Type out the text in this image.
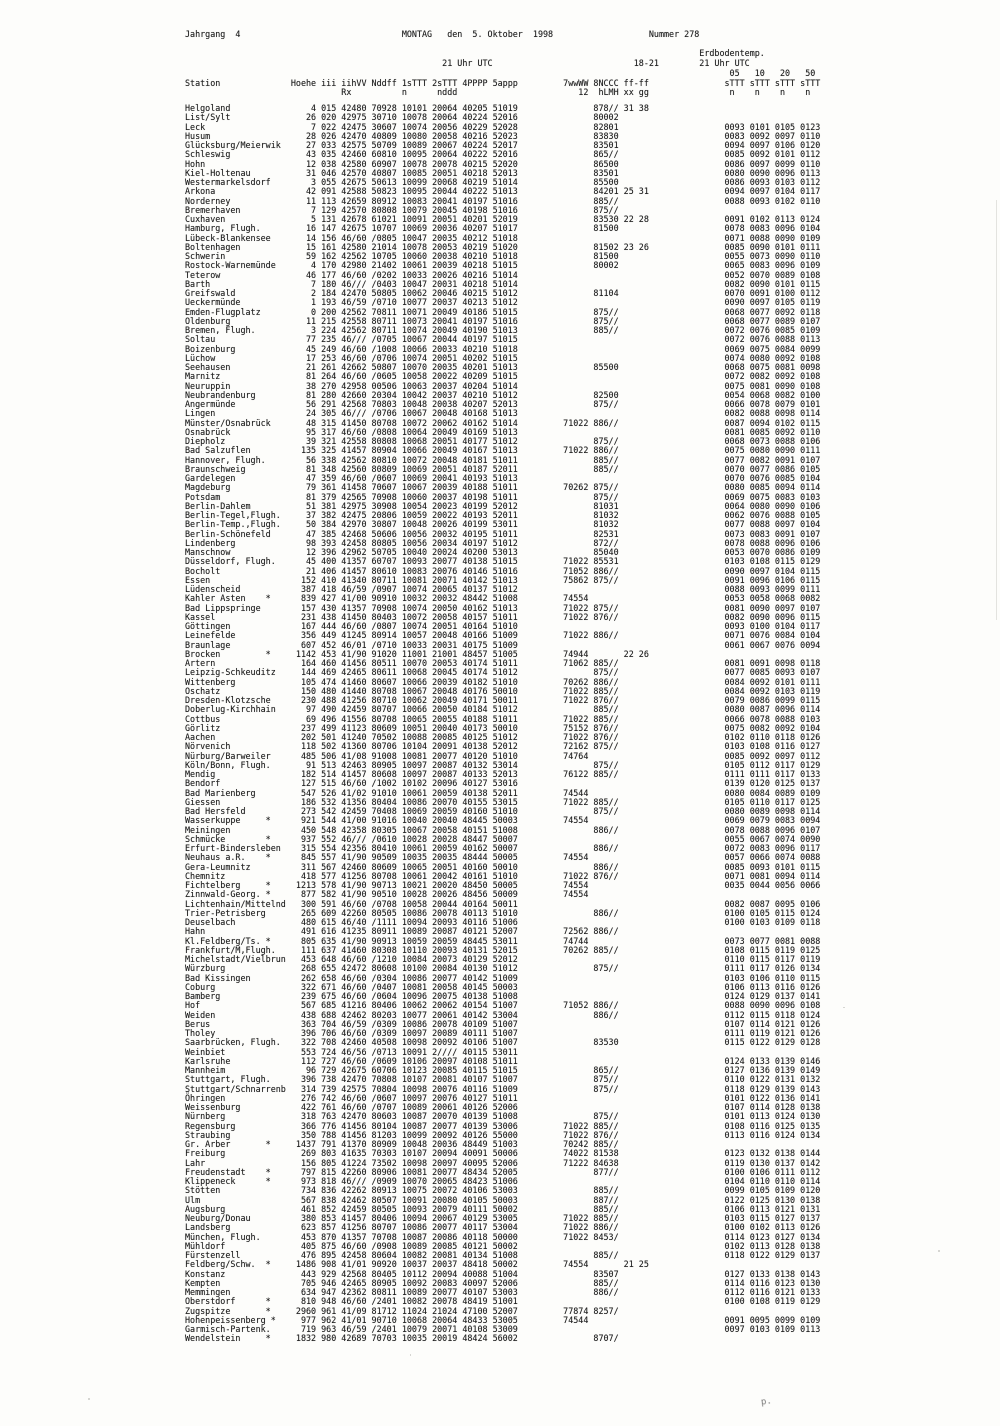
Jahrgang  4                                MONTAG   den  5. Oktober  1998                   Nummer 278

Erdbodentemp.
21 Uhr UTC                            18-21        21 Uhr UTC
05   10   20   50
Station              Hoehe iii iihVV Nddff 1sTTT 2sTTT 4PPPP 5appp         7wwWW 8NCCC ff-ff               sTTT sTTT sTTT sTTT
Rx          n      nddd                        12  hLMH xx gg                n    n    n    n
Helgoland                4 015 42480 70928 10101 20064 40205 51019               878// 31 38
List/Sylt               26 020 42975 30710 10078 20064 40224 52016               80002
Leck                     7 022 42475 30607 10074 20056 40229 52028               82801                     0093 0101 0105 0123
Husum                   28 026 42470 40809 10080 20058 40216 52023               83830                     0083 0092 0097 0110
Glücksburg/Meierwik     27 033 42575 50709 10089 20067 40224 52017               83501                     0094 0097 0106 0120
Schleswig               43 035 42460 60810 10095 20064 40222 52016               865//                     0085 0092 0101 0112
Hohn                    12 038 42580 60907 10078 20078 40215 52020               86500                     0086 0097 0099 0110
Kiel-Holtenau           31 046 42570 40807 10085 20051 40218 52013               83501                     0080 0090 0096 0113
Westermarkelsdorf        3 055 42675 50613 10099 20068 40219 51014               85500                     0086 0093 0103 0112
Arkona                  42 091 42588 50823 10095 20044 40222 51013               84201 25 31               0094 0097 0104 0117
Norderney               11 113 42659 80912 10083 20041 40197 51016               885//                     0088 0093 0102 0110
Bremerhaven              7 129 42570 80808 10079 20045 40198 51016               875//
Cuxhaven                 5 131 42678 61021 10091 20051 40201 52019               83530 22 28               0091 0102 0113 0124
Hamburg, Flugh.         16 147 42675 10707 10069 20036 40207 51017               81500                     0078 0083 0096 0104
Lübeck-Blankensee       14 156 46/60 /0805 10047 20035 40212 51018                                         0071 0088 0090 0109
Boltenhagen             15 161 42580 21014 10078 20053 40219 51020               81502 23 26               0085 0090 0101 0111
Schwerin                59 162 42562 10705 10060 20038 40210 51018               81500                     0055 0073 0090 0110
Rostock-Warnemünde       4 170 42980 21402 10061 20039 40218 51015               80002                     0065 0083 0096 0109
Teterow                 46 177 46/60 /0202 10033 20026 40216 51014                                         0052 0070 0089 0108
Barth                    7 180 46/// /0403 10047 20031 40218 51014                                         0082 0090 0101 0115
Greifswald               2 184 42470 50805 10062 20046 40215 51012               81104                     0070 0091 0100 0112
Ueckermünde              1 193 46/59 /0710 10077 20037 40213 51012                                         0090 0097 0105 0119
Emden-Flugplatz          0 200 42562 70811 10071 20049 40186 51015               875//                     0068 0077 0092 0118
Oldenburg               11 215 42558 80711 10073 20041 40197 51016               875//                     0068 0077 0089 0107
Bremen, Flugh.           3 224 42562 80711 10074 20049 40190 51013               885//                     0072 0076 0085 0109
Soltau                  77 235 46/// /0705 10067 20044 40197 51015                                         0072 0076 0088 0113
Boizenburg              45 249 46/60 /1008 10066 20033 40210 51018                                         0069 0075 0084 0099
Lüchow                  17 253 46/60 /0706 10074 20051 40202 51015                                         0074 0080 0092 0108
Seehausen               21 261 42662 50807 10070 20035 40201 51013               85500                     0068 0075 0081 0098
Marnitz                 81 264 46/60 /0605 10058 20022 40209 51015                                         0072 0082 0092 0108
Neuruppin               38 270 42958 00506 10063 20037 40204 51014                                         0075 0081 0090 0108
Neubrandenburg          81 280 42660 20304 10042 20037 40210 51012               82500                     0054 0068 0082 0100
Angermünde              56 291 42568 70803 10048 20038 40207 52013               875//                     0066 0078 0079 0101
Lingen                  24 305 46/// /0706 10067 20048 40168 51013                                         0082 0088 0098 0114
Münster/Osnabrück       48 315 41450 80708 10072 20062 40162 51014         71022 886//                     0087 0094 0102 0115
Osnabrück               95 317 46/60 /0808 10064 20049 40169 51013                                         0081 0085 0092 0110
Diepholz                39 321 42558 80808 10068 20051 40177 51012               875//                     0068 0073 0088 0106
Bad Salzuflen          135 325 41457 80904 10066 20049 40167 51013         71022 886//                     0075 0080 0090 0111
Hannover, Flugh.        56 338 42562 80810 10072 20048 40181 51011               885//                     0077 0082 0091 0107
Braunschweig            81 348 42560 80809 10069 20051 40187 52011               885//                     0070 0077 0086 0105
Gardelegen              47 359 46/60 /0607 10069 20041 40193 51013                                         0070 0076 0085 0104
Magdeburg               79 361 41458 70607 10067 20039 40188 51011         70262 875//                     0080 0085 0094 0114
Potsdam                 81 379 42565 70908 10060 20037 40198 51011               875//                     0069 0075 0083 0103
Berlin-Dahlem           51 381 42975 30908 10054 20023 40199 52012               81031                     0064 0080 0090 0106
Berlin-Tegel,Flugh.     37 382 42475 20806 10059 20022 40193 52011               81032                     0062 0076 0088 0105
Berlin-Temp.,Flugh.     50 384 42970 30807 10048 20026 40199 53011               81032                     0077 0088 0097 0104
Berlin-Schönefeld       47 385 42468 50606 10056 20032 40195 51011               82531                     0073 0083 0091 0107
Lindenberg              98 393 42458 80805 10056 20034 40197 51012               872//                     0078 0088 0096 0106
Manschnow               12 396 42962 50705 10040 20024 40200 53013               85040                     0053 0070 0086 0109
Düsseldorf, Flugh.      45 400 41357 60707 10093 20077 40138 51015         71022 85531                     0103 0108 0115 0129
Bocholt                 21 406 41457 80610 10083 20076 40146 51016         71052 886//                     0090 0097 0104 0115
Essen                  152 410 41340 80711 10081 20071 40142 51013         75862 875//                     0091 0096 0106 0115
Lüdenscheid            387 418 46/59 /0907 10074 20065 40137 51012                                         0088 0093 0099 0111
Kahler Asten    *      839 427 41/00 90910 10032 20032 48442 51008         74554                           0053 0058 0068 0082
Bad Lippspringe        157 430 41357 70908 10074 20050 40162 51013         71022 875//                     0081 0090 0097 0107
Kassel                 231 438 41450 80403 10072 20058 40157 51011         71022 876//                     0082 0090 0096 0115
Göttingen              167 444 46/60 /0807 10074 20051 40164 51010                                         0093 0100 0104 0117
Leinefelde             356 449 41245 80914 10057 20048 40166 51009         71022 886//                     0071 0076 0084 0104
Braunlage              607 452 46/01 /0710 10033 20031 40175 51009                                         0061 0067 0076 0094
Brocken         *     1142 453 41/90 91020 11001 21001 48457 51005         74944       22 26
Artern                 164 460 41456 80511 10070 20053 40174 51011         71062 885//                     0081 0091 0098 0118
Leipzig-Schkeuditz     144 469 42465 80611 10068 20045 40174 51012               875//                     0077 0085 0093 0107
Wittenberg             105 474 41460 80607 10066 20039 40182 51010         70262 886//                     0084 0092 0101 0111
Oschatz                150 480 41440 80708 10067 20048 40176 50010         71022 885//                     0084 0092 0103 0119
Dresden-Klotzsche      230 488 41256 80710 10062 20049 40171 50011         71022 876//                     0079 0086 0099 0115
Doberlug-Kirchhain      97 490 42459 80707 10066 20050 40184 51012               885//                     0080 0087 0096 0114
Cottbus                 69 496 41556 80708 10065 20055 40188 51011         71022 885//                     0066 0078 0088 0103
Görlitz                237 499 41123 80609 10051 20040 40173 50010         75152 876//                     0075 0082 0092 0104
Aachen                 202 501 41240 70502 10088 20085 40125 51012         71022 876//                     0102 0110 0118 0126
Nörvenich              118 502 41360 80706 10104 20091 40138 52012         72162 875//                     0103 0108 0116 0127
Nürburg/Barweiler      485 506 41/08 91008 10081 20077 40120 51010         74764                           0085 0092 0097 0112
Köln/Bonn, Flugh.       91 513 42463 80905 10097 20087 40132 53014               875//                     0105 0112 0117 0129
Mendig                 182 514 41457 80608 10097 20087 40133 52013         76122 885//                     0111 0111 0117 0133
Bendorf                127 515 46/60 /1002 10102 20096 40127 53016                                         0139 0120 0125 0137
Bad Marienberg         547 526 41/02 91010 10061 20059 40138 52011         74544                           0080 0084 0089 0109
Giessen                186 532 41356 80404 10086 20070 40155 53015         71022 885//                     0105 0110 0117 0125
Bad Hersfeld           273 542 42459 70408 10069 20059 40160 51010               875//                     0080 0089 0098 0114
Wasserkuppe     *      921 544 41/00 91016 10040 20040 48445 50003         74554                           0069 0079 0083 0094
Meiningen              450 548 42358 80305 10067 20058 40151 51008               886//                     0078 0088 0096 0107
Schmücke        *      937 552 46/// /0610 10028 20028 48447 50007                                         0055 0067 0074 0090
Erfurt-Bindersleben    315 554 42356 80410 10061 20059 40162 50007               886//                     0072 0083 0096 0117
Neuhaus a.R.    *      845 557 41/90 90509 10035 20035 48444 50005         74554                           0057 0066 0074 0088
Gera-Leumnitz          311 567 42460 80609 10065 20051 40160 50010               886//                     0085 0093 0101 0115
Chemnitz               418 577 41256 80708 10061 20042 40161 51010         71022 876//                     0071 0081 0094 0114
Fichtelberg     *     1213 578 41/90 90713 10021 20020 48450 50005         74554                           0035 0044 0056 0066
Zinnwald-Georg. *      877 582 41/90 90510 10028 20026 48456 50009         74554
Lichtenhain/Mittelnd   300 591 46/60 /0708 10058 20044 40164 50011                                         0082 0087 0095 0106
Trier-Petrisberg       265 609 42260 80505 10086 20078 40113 51010               886//                     0100 0105 0115 0124
Deuselbach             480 615 46/40 /1111 10094 20093 40116 51006                                         0100 0103 0109 0118
Hahn                   491 616 41235 80911 10089 20087 40121 52007         72562 886//
Kl.Feldberg/Ts. *      805 635 41/90 90913 10059 20059 48445 53011         74744                           0073 0077 0081 0088
Frankfurt/M,Flugh.     111 637 41460 80308 10110 20093 40131 52015         70262 885//                     0108 0115 0119 0125
Michelstadt/Vielbrun   453 648 46/60 /1210 10084 20073 40129 52012                                         0110 0115 0117 0119
Würzburg               268 655 42472 80608 10100 20084 40130 51012               875//                     0111 0117 0126 0134
Bad Kissingen          262 658 46/60 /0304 10086 20077 40142 51009                                         0103 0106 0110 0115
Coburg                 322 671 46/60 /0407 10081 20058 40145 50003                                         0106 0113 0116 0126
Bamberg                239 675 46/60 /0604 10096 20075 40138 51008                                         0124 0129 0137 0141
Hof                    567 685 41216 80406 10062 20062 40154 51007         71052 886//                     0088 0090 0096 0108
Weiden                 438 688 42462 80203 10077 20061 40142 53004               886//                     0112 0115 0118 0124
Berus                  363 704 46/59 /0309 10086 20078 40109 51007                                         0107 0114 0121 0126
Tholey                 396 706 46/60 /0309 10097 20089 40111 51007                                         0111 0119 0121 0126
Saarbrücken, Flugh.    322 708 42460 40508 10098 20092 40106 51007               83530                     0115 0122 0129 0128
Weinbiet               553 724 46/56 /0713 10091 2//// 40115 53011
Karlsruhe              112 727 46/60 /0609 10106 20097 40108 51011                                         0124 0133 0139 0146
Mannheim                96 729 42675 60706 10123 20085 40115 51015               865//                     0127 0136 0139 0149
Stuttgart, Flugh.      396 738 42470 70808 10107 20081 40107 51007               875//                     0110 0122 0131 0132
Stuttgart/Schnarrenb   314 739 42575 70804 10098 20076 40116 51009               875//                     0118 0129 0139 0143
Öhringen               276 742 46/60 /0607 10097 20076 40127 51011                                         0101 0122 0136 0141
Weissenburg            422 761 46/60 /0707 10089 20061 40126 52006                                         0107 0114 0128 0138
Nürnberg               318 763 42470 80603 10087 20070 40139 51008               875//                     0101 0113 0124 0130
Regensburg             366 776 41456 80104 10087 20077 40139 53006         71022 885//                     0108 0116 0125 0135
Straubing              350 788 41456 81203 10099 20092 40126 55000         71022 876//                     0113 0116 0124 0134
Gr. Arber       *     1437 791 41370 80909 10048 20036 48449 51003         70242 885//
Freiburg               269 803 41635 70303 10107 20094 40091 50006         74022 81538                     0123 0132 0138 0144
Lahr                   156 805 41224 73502 10098 20097 40095 52006         71222 84638                     0119 0130 0137 0142
Freudenstadt    *      797 815 42260 80906 10081 20077 48434 52005               877//                     0100 0106 0111 0112
Klippeneck      *      973 818 46/// /0909 10070 20065 48423 51006                                         0104 0110 0110 0114
Stötten                734 836 42262 80913 10075 20072 40106 53003               885//                     0099 0105 0109 0120
Ulm                    567 838 42462 80507 10091 20080 40105 50003               887//                     0122 0125 0130 0138
Augsburg               461 852 42459 80505 10093 20079 40111 50002               885//                     0106 0113 0121 0131
Neuburg/Donau          380 853 41457 80406 10094 20067 40129 53005         71022 885//                     0103 0115 0127 0137
Landsberg              623 857 41256 80707 10086 20077 40117 53004         71022 886//                     0100 0102 0113 0126
München, Flugh.        453 870 41357 70708 10087 20086 40118 50000         71022 8453/                     0114 0123 0127 0134
Mühldorf               405 875 46/60 /0908 10089 20085 40121 50002                                         0102 0113 0128 0138
Fürstenzell            476 895 42458 80604 10082 20081 40134 51008               885//                     0118 0122 0129 0137
Feldberg/Schw.  *     1486 908 41/01 90920 10037 20037 48418 50002         74554       21 25
Konstanz               443 929 42568 80405 10112 20094 40088 51004               83507                     0127 0133 0138 0143
Kempten                705 946 42465 80905 10092 20083 40097 52006               885//                     0114 0116 0123 0130
Memmingen              634 947 42362 80811 10089 20077 40107 53003               886//                     0112 0116 0121 0133
Oberstdorf      *      810 948 46/60 /2401 10082 20078 48419 51001                                         0100 0108 0119 0129
Zugspitze       *     2960 961 41/09 81712 11024 21024 47100 52007         77874 8257/
Hohenpeissenberg *     977 962 41/01 90710 10068 20064 48433 53005         74544                           0091 0095 0099 0109
Garmisch-Partenk.      719 963 46/59 /2401 10079 20071 40108 53009                                         0097 0103 0109 0113
Wendelstein     *     1832 980 42689 70703 10035 20019 48424 56002               8707/
p.
